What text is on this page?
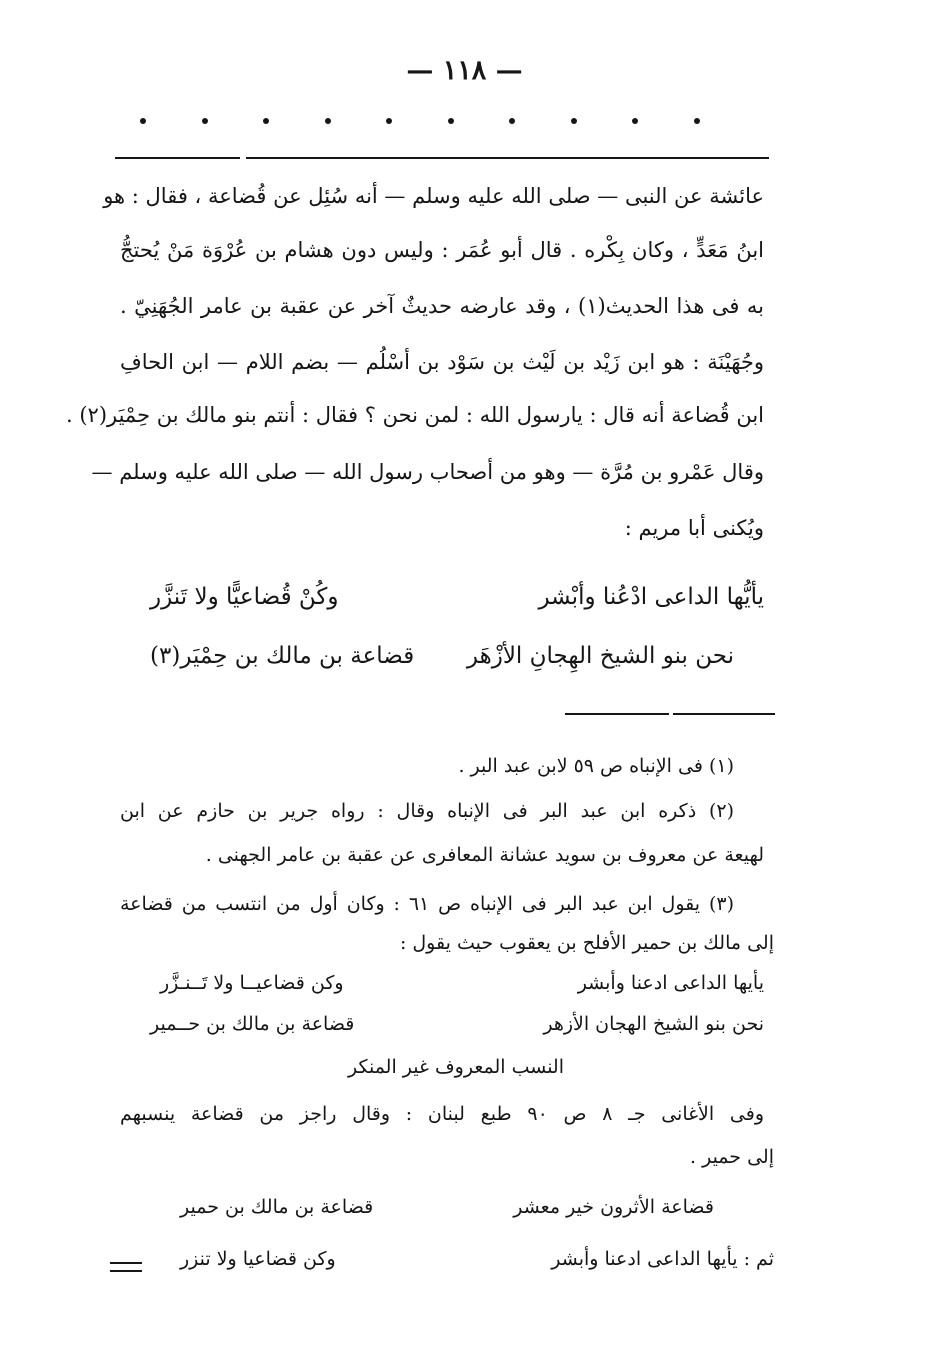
— ١١٨ —
عائشة عن النبى — صلى الله عليه وسلم — أنه سُئِل عن قُضاعة ، فقال : هو
ابنُ مَعَدٍّ ، وكان بِكْره . قال أبو عُمَر : وليس دون هشام بن عُرْوَة مَنْ يُحتجُّ
به فى هذا الحديث(١) ، وقد عارضه حديثٌ آخر عن عقبة بن عامر الجُهَنِيّ .
وجُهَيْنَة : هو ابن زَيْد بن لَيْث بن سَوْد بن أسْلُم — بضم اللام — ابن الحافِ
ابن قُضاعة أنه قال : يارسول الله : لمن نحن ؟ فقال : أنتم بنو مالك بن حِمْيَر(٢) .
وقال عَمْرو بن مُرَّة — وهو من أصحاب رسول الله — صلى الله عليه وسلم —
ويُكنى أبا مريم :
يأيُّها الداعى ادْعُنا وأبْشر
وكُنْ قُضاعيًّا ولا تَنزَّر
نحن بنو الشيخ الهِجانِ الأزْهَر
قضاعة بن مالك بن حِمْيَر(٣)
(١) فى الإنباه ص ٥٩ لابن عبد البر .
(٢) ذكره ابن عبد البر فى الإنباه وقال : رواه جرير بن حازم عن ابن
لهيعة عن معروف بن سويد عشانة المعافرى عن عقبة بن عامر الجهنى .
(٣) يقول ابن عبد البر فى الإنباه ص ٦١ : وكان أول من انتسب من قضاعة
إلى مالك بن حمير الأفلح بن يعقوب حيث يقول :
يأيها الداعى ادعنا وأبشر
وكن قضاعيــا ولا تَــنـزَّر
نحن بنو الشيخ الهجان الأزهر
قضاعة بن مالك بن حــمير
النسب المعروف غير المنكر
وفى الأغانى جـ ٨ ص ٩٠ طبع لبنان : وقال راجز من قضاعة ينسبهم
إلى حمير .
قضاعة الأثرون خير معشر
قضاعة بن مالك بن حمير
ثم : يأيها الداعى ادعنا وأبشر
وكن قضاعيا ولا تنزر
